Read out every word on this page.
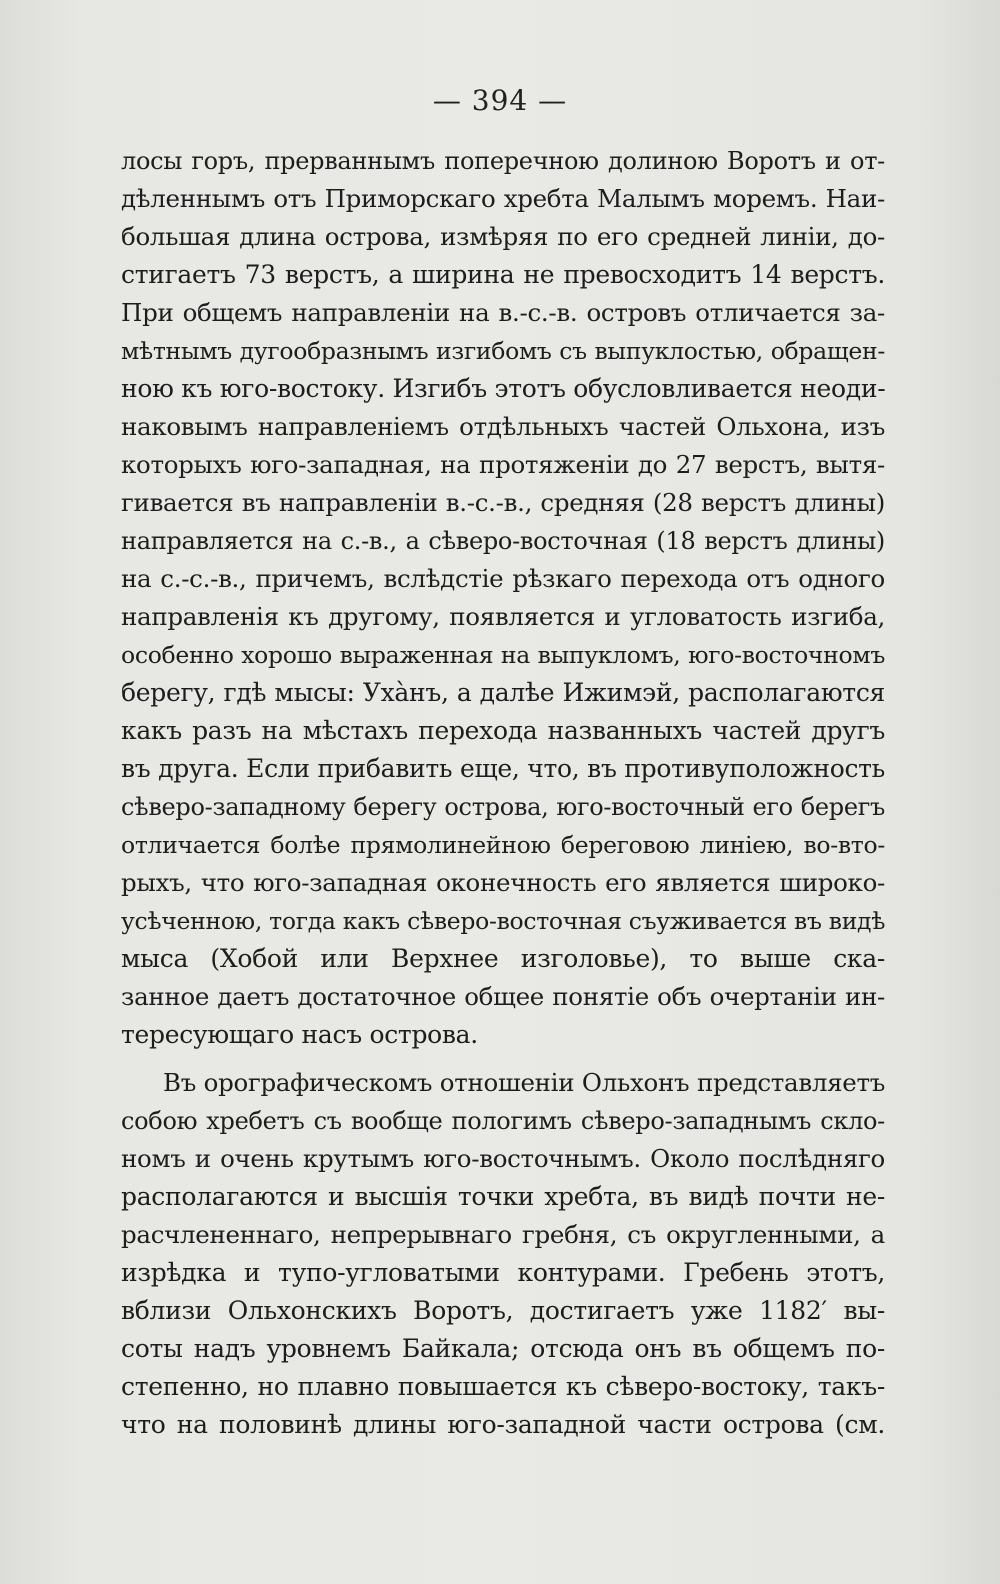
— 394 —
лосы горъ, прерваннымъ поперечною долиною Воротъ и от-
дѣленнымъ отъ Приморскаго хребта Малымъ моремъ. Наи-
большая длина острова, измѣряя по его средней линіи, до-
стигаетъ 73 верстъ, а ширина не превосходитъ 14 верстъ.
При общемъ направленіи на в.-с.-в. островъ отличается за-
мѣтнымъ дугообразнымъ изгибомъ съ выпуклостью, обращен-
ною къ юго-востоку. Изгибъ этотъ обусловливается неоди-
наковымъ направленіемъ отдѣльныхъ частей Ольхона, изъ
которыхъ юго-западная, на протяженіи до 27 верстъ, вытя-
гивается въ направленіи в.-с.-в., средняя (28 верстъ длины)
направляется на с.-в., а сѣверо-восточная (18 верстъ длины)
на с.-с.-в., причемъ, вслѣдстіе рѣзкаго перехода отъ одного
направленія къ другому, появляется и угловатость изгиба,
особенно хорошо выраженная на выпукломъ, юго-восточномъ
берегу, гдѣ мысы: Ухàнъ, а далѣе Ижимэй, располагаются
какъ разъ на мѣстахъ перехода названныхъ частей другъ
въ друга. Если прибавить еще, что, въ противуположность
сѣверо-западному берегу острова, юго-восточный его берегъ
отличается болѣе прямолинейною береговою линіею, во-вто-
рыхъ, что юго-западная оконечность его является широко-
усѣченною, тогда какъ сѣверо-восточная съуживается въ видѣ
мыса (Хобой или Верхнее изголовье), то выше ска-
занное даетъ достаточное общее понятіе объ очертаніи ин-
тересующаго насъ острова.
Въ орографическомъ отношеніи Ольхонъ представляетъ
собою хребетъ съ вообще пологимъ сѣверо-западнымъ скло-
номъ и очень крутымъ юго-восточнымъ. Около послѣдняго
располагаются и высшія точки хребта, въ видѣ почти не-
расчлененнаго, непрерывнаго гребня, съ округленными, а
изрѣдка и тупо-угловатыми контурами. Гребень этотъ,
вблизи Ольхонскихъ Воротъ, достигаетъ уже 1182′ вы-
соты надъ уровнемъ Байкала; отсюда онъ въ общемъ по-
степенно, но плавно повышается къ сѣверо-востоку, такъ-
что на половинѣ длины юго-западной части острова (см.
